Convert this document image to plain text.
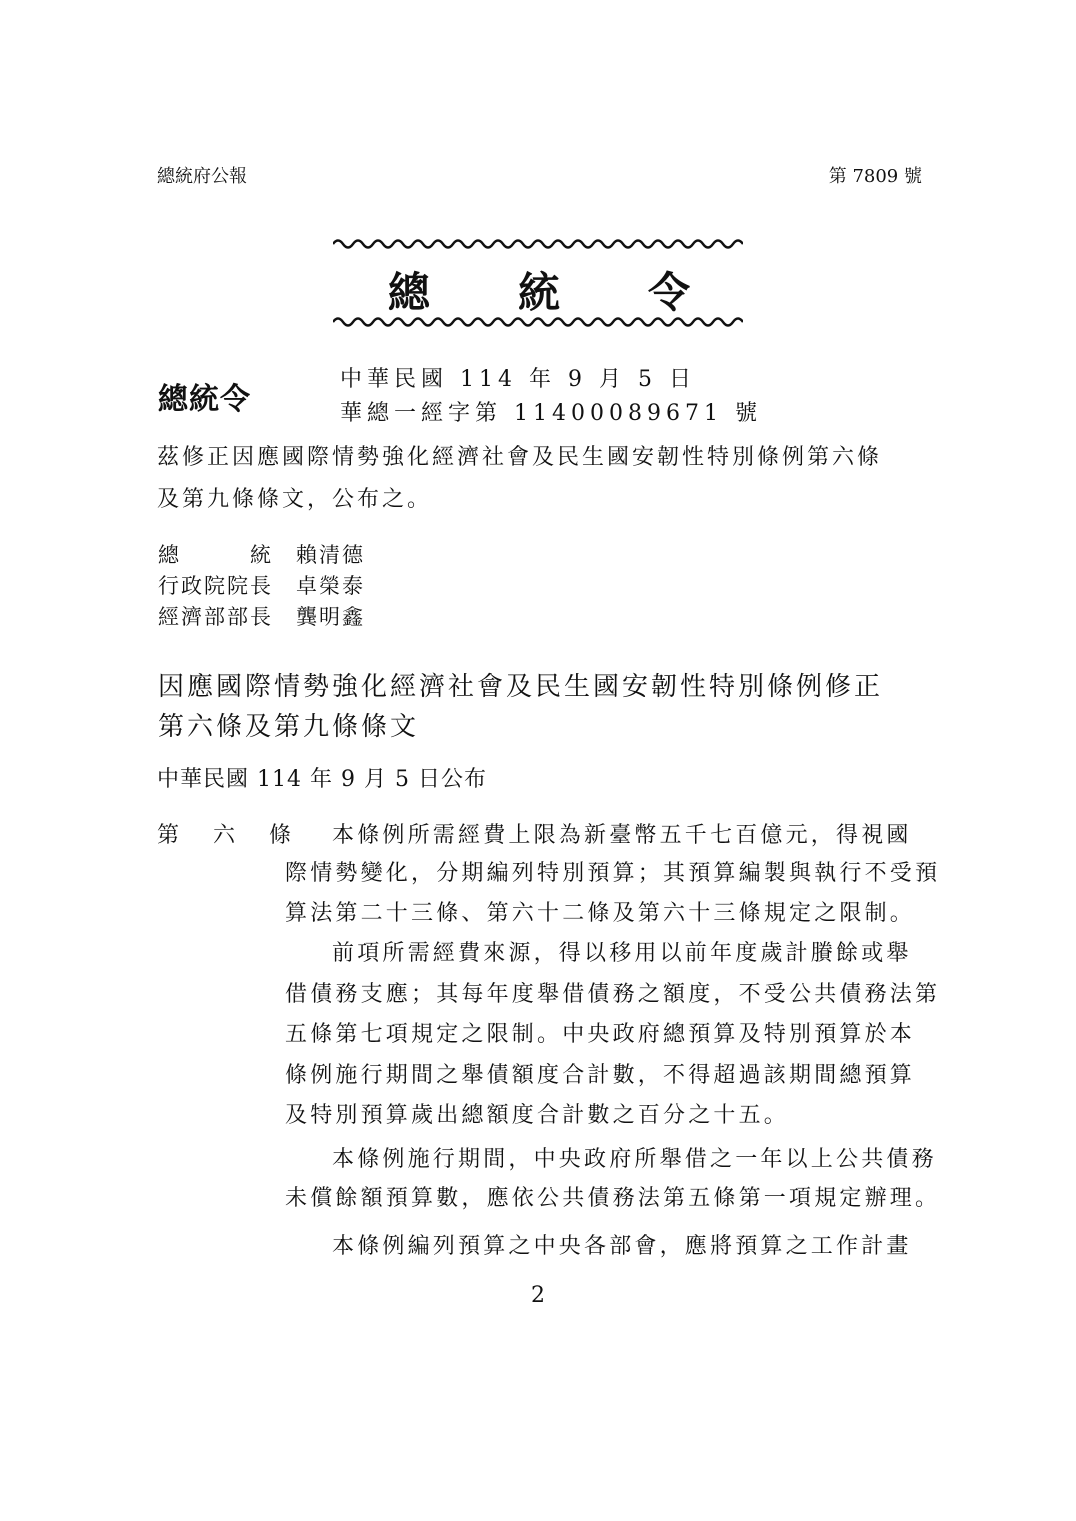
總統府公報	第 7809 號
總 統 令
總統令
中華民國 114 年 9 月 5 日
華總一經字第 11400089671 號
茲修正因應國際情勢強化經濟社會及民生國安韌性特別條例第六條
及第九條條文，公布之。
總　　　統　 賴清德
行政院院長　 卓榮泰
經濟部部長　 龔明鑫
因應國際情勢強化經濟社會及民生國安韌性特別條例修正
第六條及第九條條文
中華民國 114 年 9 月 5 日公布
第　六　條 本條例所需經費上限為新臺幣五千七百億元，得視國
際情勢變化，分期編列特別預算；其預算編製與執行不受預
算法第二十三條、第六十二條及第六十三條規定之限制。
前項所需經費來源，得以移用以前年度歲計賸餘或舉
借債務支應；其每年度舉借債務之額度，不受公共債務法第
五條第七項規定之限制。中央政府總預算及特別預算於本
條例施行期間之舉債額度合計數，不得超過該期間總預算
及特別預算歲出總額度合計數之百分之十五。
本條例施行期間，中央政府所舉借之一年以上公共債務
未償餘額預算數，應依公共債務法第五條第一項規定辦理。
本條例編列預算之中央各部會，應將預算之工作計畫
2
